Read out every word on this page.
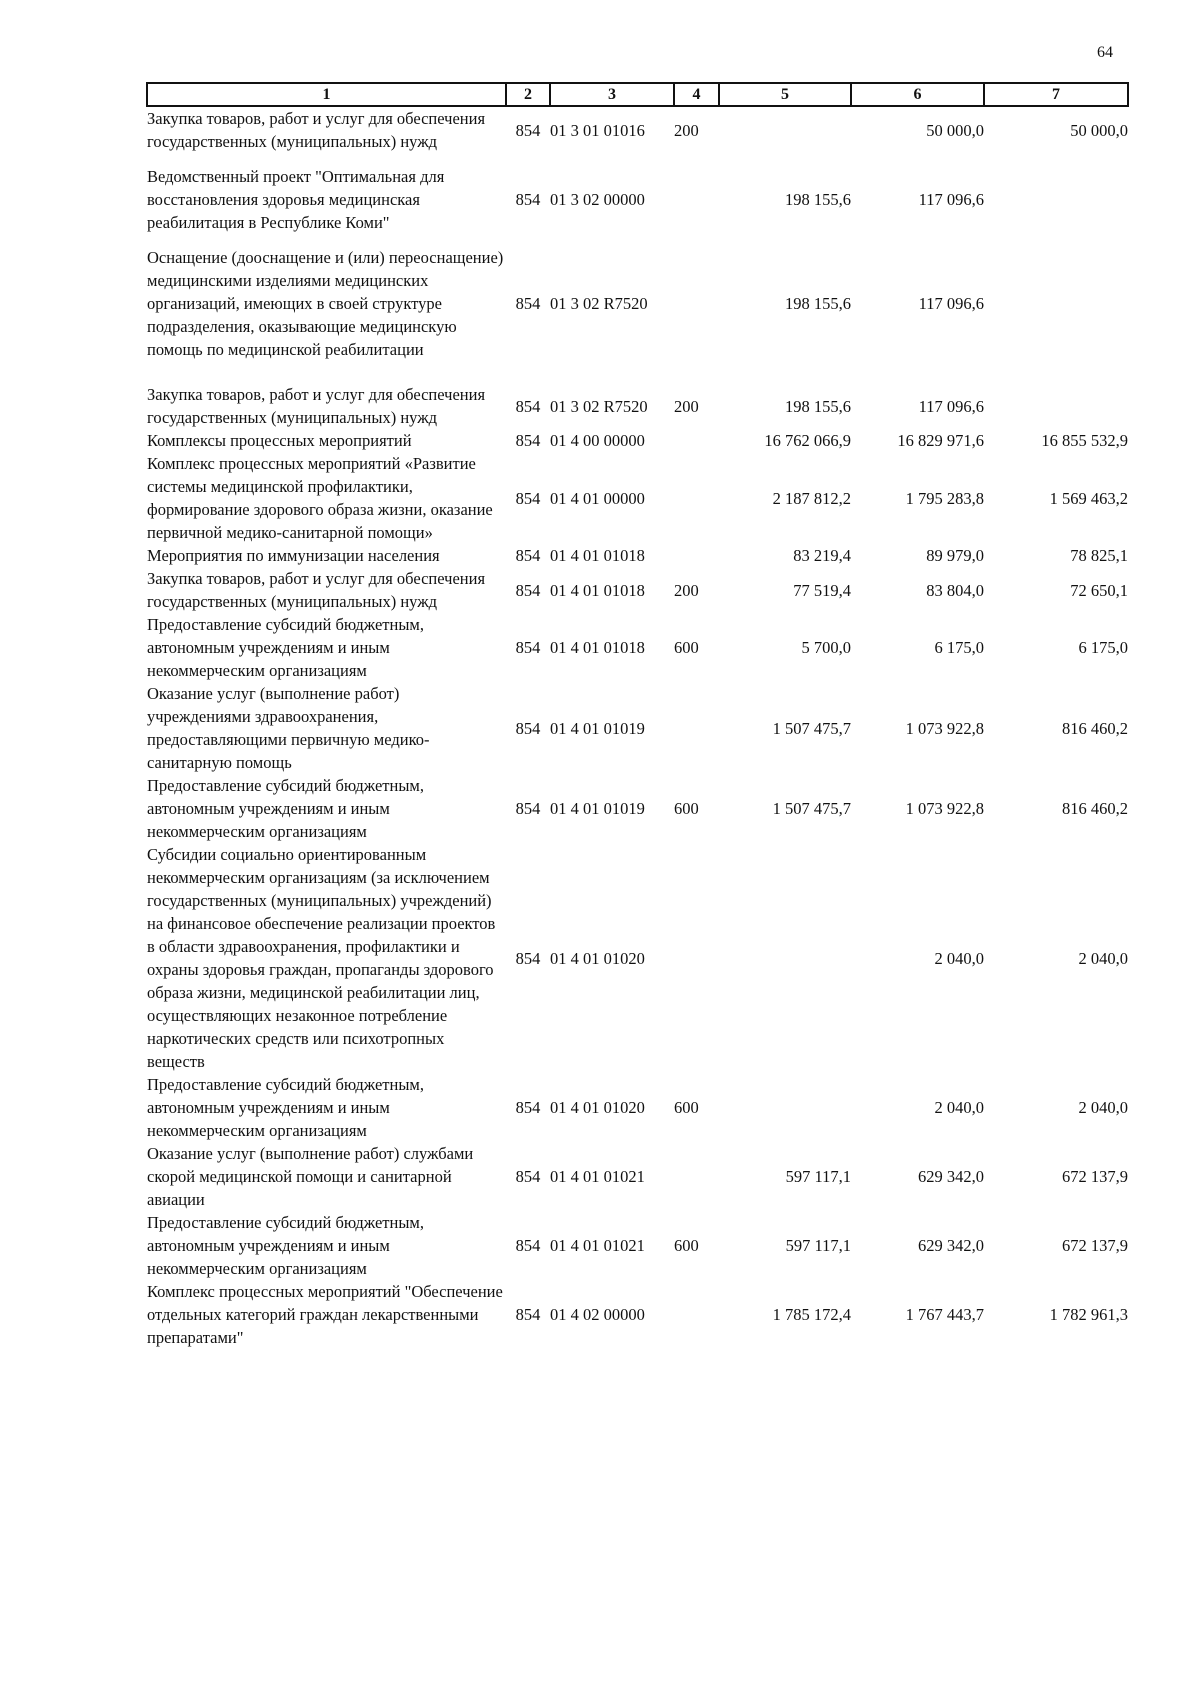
64
1	2	3	4	5	6	7
Закупка товаров, работ и услуг для обеспечения государственных (муниципальных) нужд	854	01 3 01 01016	200		50 000,0	50 000,0
Ведомственный проект "Оптимальная для восстановления здоровья медицинская реабилитация в Республике Коми"	854	01 3 02 00000		198 155,6	117 096,6	
Оснащение (дооснащение и (или) переоснащение) медицинскими изделиями медицинских организаций, имеющих в своей структуре подразделения, оказывающие медицинскую помощь по медицинской реабилитации	854	01 3 02 R7520		198 155,6	117 096,6	
Закупка товаров, работ и услуг для обеспечения государственных (муниципальных) нужд	854	01 3 02 R7520	200	198 155,6	117 096,6	
Комплексы процессных мероприятий	854	01 4 00 00000		16 762 066,9	16 829 971,6	16 855 532,9
Комплекс процессных мероприятий «Развитие системы медицинской профилактики, формирование здорового образа жизни, оказание первичной медико-санитарной помощи»	854	01 4 01 00000		2 187 812,2	1 795 283,8	1 569 463,2
Мероприятия по иммунизации населения	854	01 4 01 01018		83 219,4	89 979,0	78 825,1
Закупка товаров, работ и услуг для обеспечения государственных (муниципальных) нужд	854	01 4 01 01018	200	77 519,4	83 804,0	72 650,1
Предоставление субсидий бюджетным, автономным учреждениям и иным некоммерческим организациям	854	01 4 01 01018	600	5 700,0	6 175,0	6 175,0
Оказание услуг (выполнение работ) учреждениями здравоохранения, предоставляющими первичную медико-санитарную помощь	854	01 4 01 01019		1 507 475,7	1 073 922,8	816 460,2
Предоставление субсидий бюджетным, автономным учреждениям и иным некоммерческим организациям	854	01 4 01 01019	600	1 507 475,7	1 073 922,8	816 460,2
Субсидии социально ориентированным некоммерческим организациям (за исключением государственных (муниципальных) учреждений) на финансовое обеспечение реализации проектов в области здравоохранения, профилактики и охраны здоровья граждан, пропаганды здорового образа жизни, медицинской реабилитации лиц, осуществляющих незаконное потребление наркотических средств или психотропных веществ	854	01 4 01 01020			2 040,0	2 040,0
Предоставление субсидий бюджетным, автономным учреждениям и иным некоммерческим организациям	854	01 4 01 01020	600		2 040,0	2 040,0
Оказание услуг (выполнение работ) службами скорой медицинской помощи и санитарной авиации	854	01 4 01 01021		597 117,1	629 342,0	672 137,9
Предоставление субсидий бюджетным, автономным учреждениям и иным некоммерческим организациям	854	01 4 01 01021	600	597 117,1	629 342,0	672 137,9
Комплекс процессных мероприятий "Обеспечение отдельных категорий граждан лекарственными препаратами"	854	01 4 02 00000		1 785 172,4	1 767 443,7	1 782 961,3
